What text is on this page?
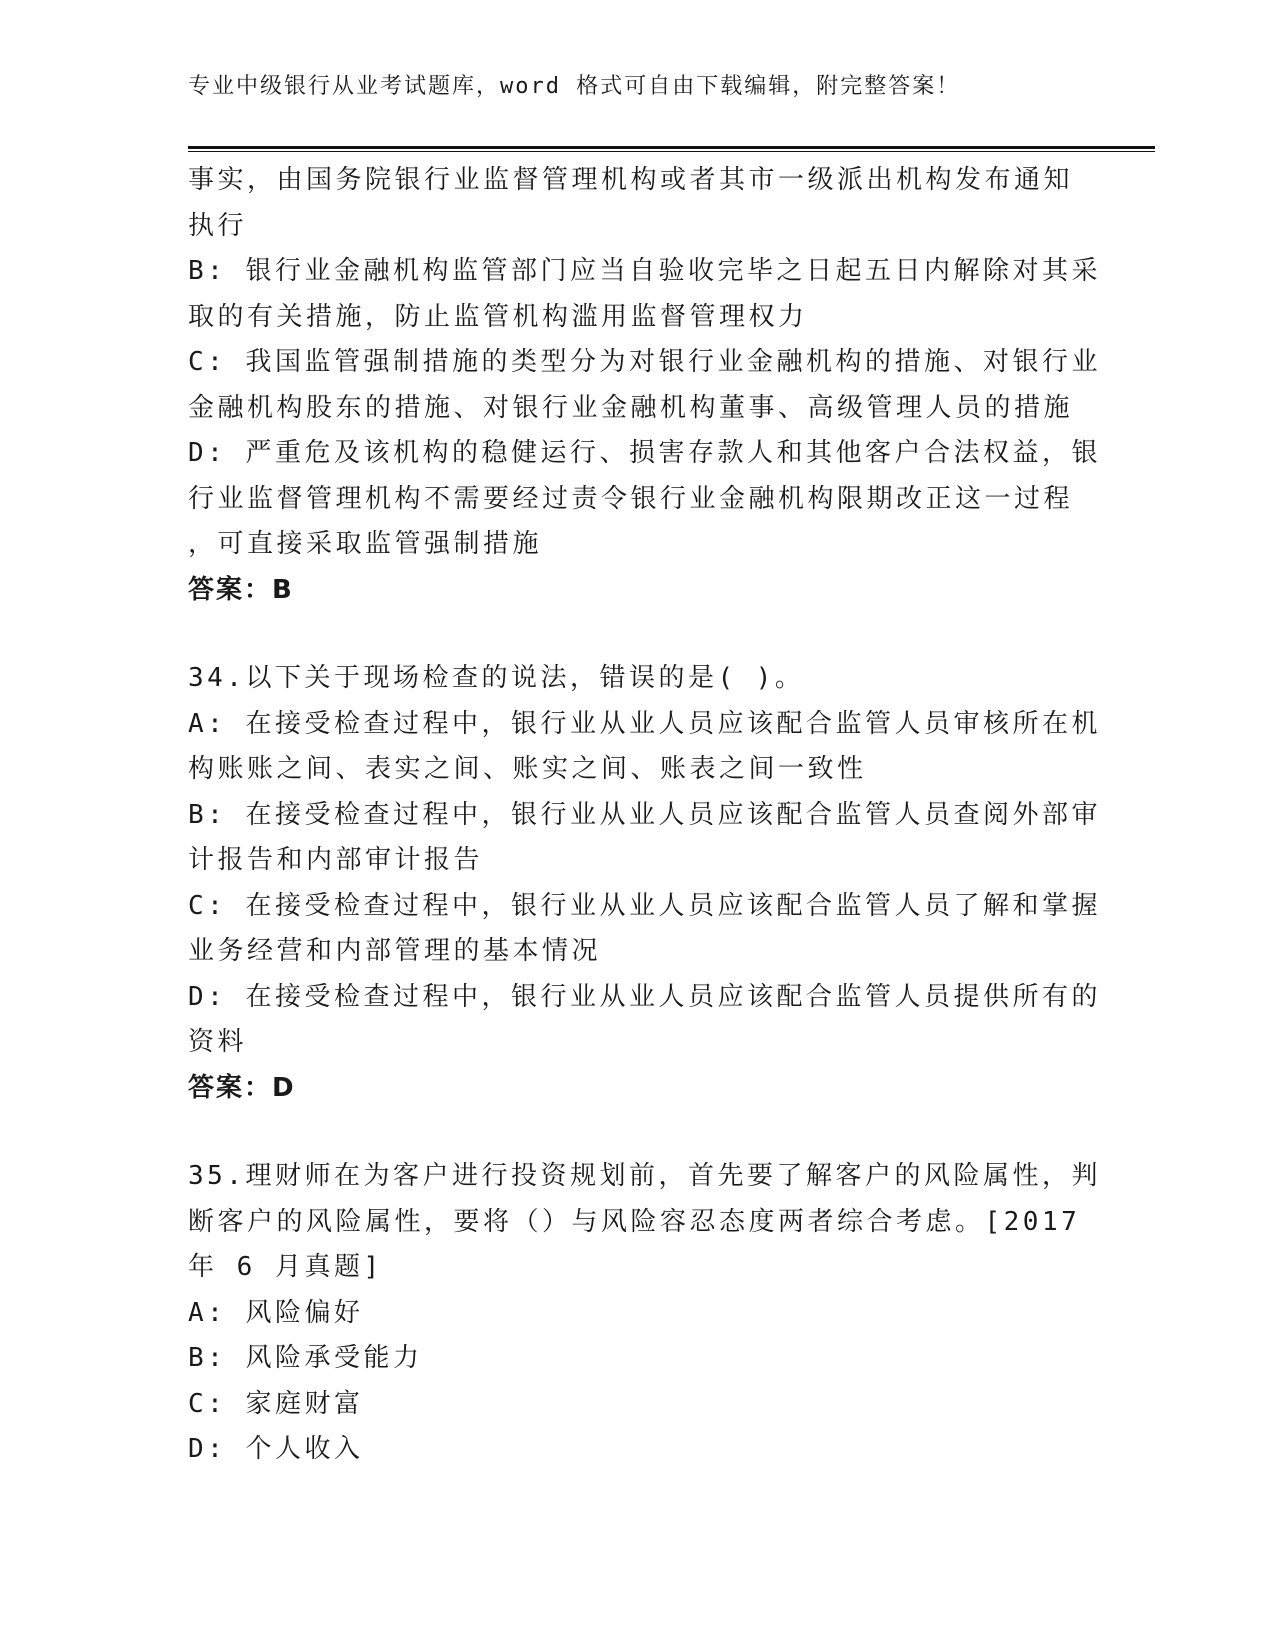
专业中级银行从业考试题库，word 格式可自由下载编辑，附完整答案！
事实，由国务院银行业监督管理机构或者其市一级派出机构发布通知
执行
B: 银行业金融机构监管部门应当自验收完毕之日起五日内解除对其采
取的有关措施，防止监管机构滥用监督管理权力
C: 我国监管强制措施的类型分为对银行业金融机构的措施、对银行业
金融机构股东的措施、对银行业金融机构董事、高级管理人员的措施
D: 严重危及该机构的稳健运行、损害存款人和其他客户合法权益，银
行业监督管理机构不需要经过责令银行业金融机构限期改正这一过程
，可直接采取监管强制措施
答案：B
34.以下关于现场检查的说法，错误的是( )。
A: 在接受检查过程中，银行业从业人员应该配合监管人员审核所在机
构账账之间、表实之间、账实之间、账表之间一致性
B: 在接受检查过程中，银行业从业人员应该配合监管人员查阅外部审
计报告和内部审计报告
C: 在接受检查过程中，银行业从业人员应该配合监管人员了解和掌握
业务经营和内部管理的基本情况
D: 在接受检查过程中，银行业从业人员应该配合监管人员提供所有的
资料
答案：D
35.理财师在为客户进行投资规划前，首先要了解客户的风险属性，判
断客户的风险属性，要将（）与风险容忍态度两者综合考虑。[2017
年 6 月真题]
A: 风险偏好
B: 风险承受能力
C: 家庭财富
D: 个人收入
